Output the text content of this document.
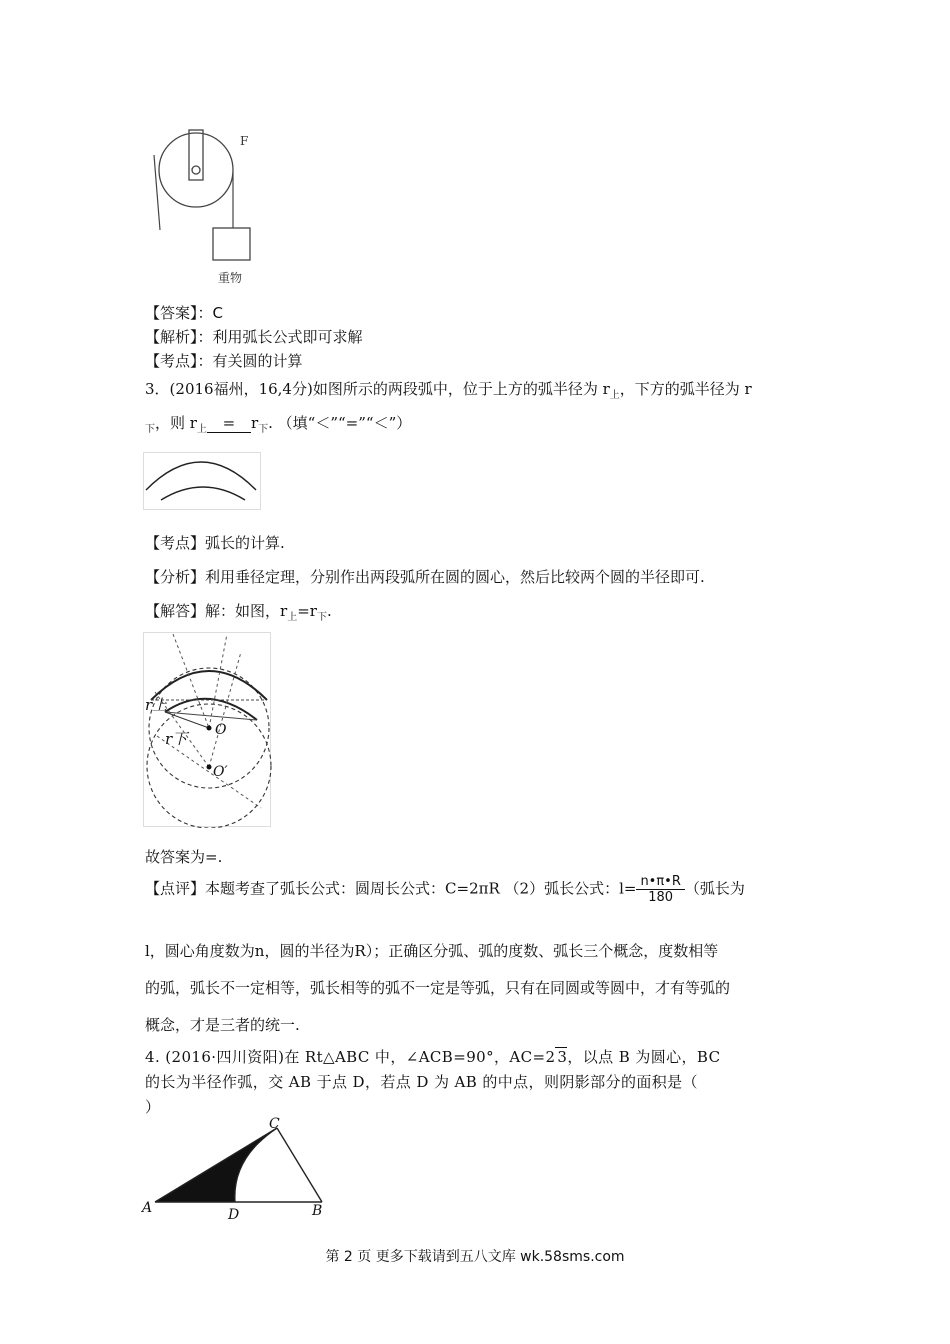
F
重物
【答案】：C
【解析】：利用弧长公式即可求解
【考点】：有关圆的计算
3．(2016福州，16,4分)如图所示的两段弧中，位于上方的弧半径为 $r_上$，下方的弧半径为 r
$_下$，则 $r_上 = r_下$. （填“＜”“=”“＜”）
【考点】弧长的计算.
【分析】利用垂径定理，分别作出两段弧所在圆的圆心，然后比较两个圆的半径即可.
【解答】解：如图，$r_上=r_下$.
r上
r下 O
O′
故答案为=.
【点评】本题考查了弧长公式：圆周长公式：C=2πR （2）弧长公式：$l= \frac{n•\pi•R}{180}$ （弧长为
l，圆心角度数为n，圆的半径为R）；正确区分弧、弧的度数、弧长三个概念，度数相等
的弧，弧长不一定相等，弧长相等的弧不一定是等弧，只有在同圆或等圆中，才有等弧的
概念，才是三者的统一.
4. (2016·四川资阳)在 Rt△ABC 中，∠ACB=90°，AC=2 3，以点 B 为圆心，BC
的长为半径作弧，交 AB 于点 D，若点 D 为 AB 的中点，则阴影部分的面积是（
）
A	B
C
D
第 2 页 更多下载请到五八文库 wk.58sms.com
